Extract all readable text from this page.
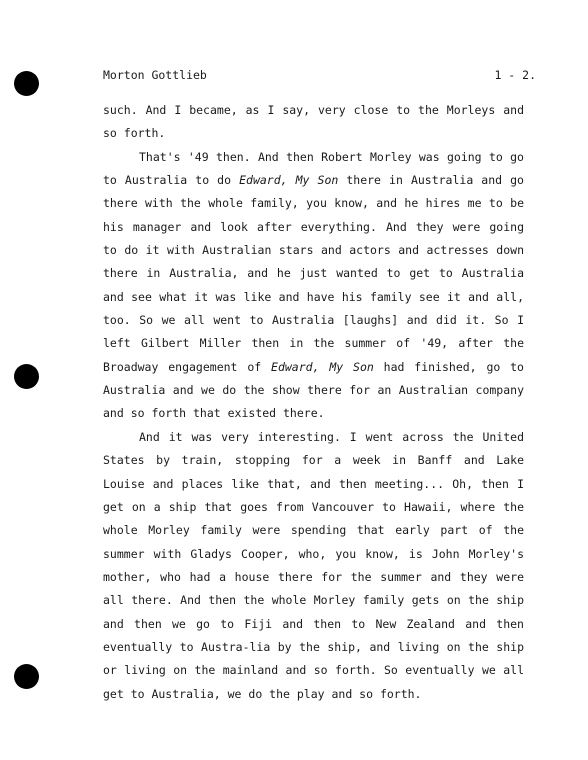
Morton Gottlieb	1 - 2.

such. And I became, as I say, very close to the Morleys and so forth.

That's '49 then. And then Robert Morley was going to go to Australia to do Edward, My Son there in Australia and go there with the whole family, you know, and he hires me to be his manager and look after everything. And they were going to do it with Australian stars and actors and actresses down there in Australia, and he just wanted to get to Australia and see what it was like and have his family see it and all, too. So we all went to Australia [laughs] and did it. So I left Gilbert Miller then in the summer of '49, after the Broadway engagement of Edward, My Son had finished, go to Australia and we do the show there for an Australian company and so forth that existed there.

And it was very interesting. I went across the United States by train, stopping for a week in Banff and Lake Louise and places like that, and then meeting... Oh, then I get on a ship that goes from Vancouver to Hawaii, where the whole Morley family were spending that early part of the summer with Gladys Cooper, who, you know, is John Morley's mother, who had a house there for the summer and they were all there. And then the whole Morley family gets on the ship and then we go to Fiji and then to New Zealand and then eventually to Austra-lia by the ship, and living on the ship or living on the mainland and so forth. So eventually we all get to Australia, we do the play and so forth.
